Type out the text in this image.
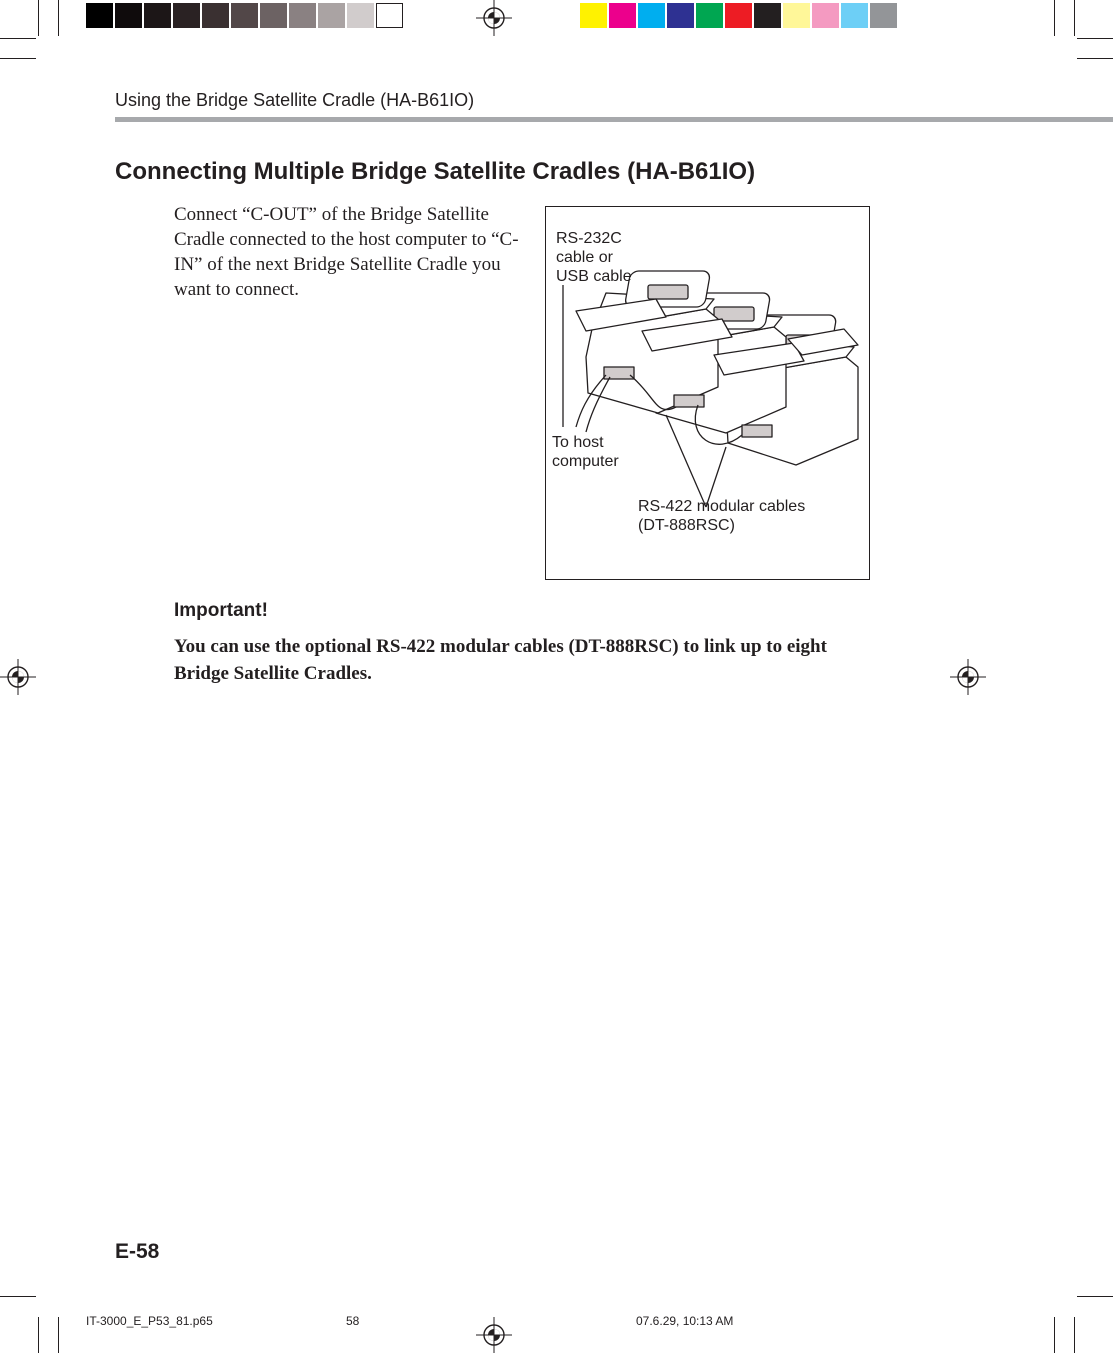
Using the Bridge Satellite Cradle (HA-B61IO)
Connecting Multiple Bridge Satellite Cradles (HA-B61IO)
Connect “C-OUT” of the Bridge Satellite Cradle connected to the host computer to “C-IN” of the next Bridge Satellite Cradle you want to connect.
RS-232C
cable or
USB cable
To host
computer
RS-422 modular cables
(DT-888RSC)
Important!
You can use the optional RS-422 modular cables (DT-888RSC) to link up to eight Bridge Satellite Cradles.
E-58
IT-3000_E_P53_81.p65	58	07.6.29, 10:13 AM
